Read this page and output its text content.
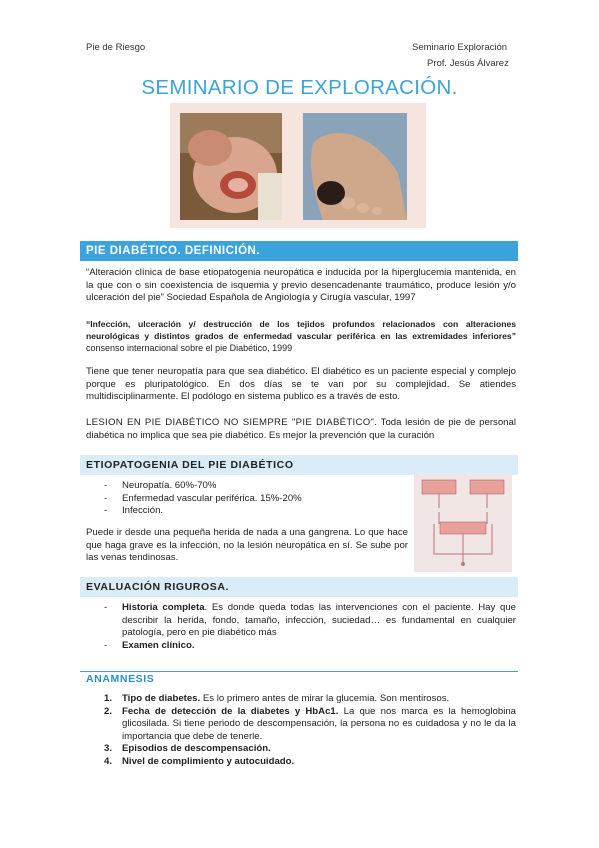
Pie de Riesgo	Seminario Exploración
Prof. Jesús Álvarez
SEMINARIO DE EXPLORACIÓN.
PIE DIABÉTICO. DEFINICIÓN.
“Alteración clínica de base etiopatogenia neuropática e inducida por la hiperglucemia mantenida, en la que con o sin coexistencia de isquemia y previo desencadenante traumático, produce lesión y/o ulceración del pie” Sociedad Española de Angiología y Cirugía vascular, 1997
“Infección, ulceración y/ destrucción de los tejidos profundos relacionados con alteraciones neurológicas y distintos grados de enfermedad vascular periférica en las extremidades inferiores” consenso internacional sobre el pie Diabético, 1999
Tiene que tener neuropatía para que sea diabético. El diabético es un paciente especial y complejo porque es pluripatológico. En dos días se te van por su complejidad. Se atiendes multidisciplinarmente. El podólogo en sistema publico es a través de esto.
LESION EN PIE DIABÉTICO NO SIEMPRE "PIE DIABÉTICO". Toda lesión de pie de personal diabética no implica que sea pie diabético. Es mejor la prevención que la curación
ETIOPATOGENIA DEL PIE DIABÉTICO
- Neuropatía. 60%-70%
- Enfermedad vascular periférica. 15%-20%
- Infección.
Puede ir desde una pequeña herida de nada a una gangrena. Lo que hace que haga grave es la infección, no la lesión neuropática en sí. Se sube por las venas tendinosas.
EVALUACIÓN RIGUROSA.
- Historia completa. Es donde queda todas las intervenciones con el paciente. Hay que describir la herida, fondo, tamaño, infección, suciedad… es fundamental en cualquier patología, pero en pie diabético más
- Examen clínico.
ANAMNESIS
1. Tipo de diabetes. Es lo primero antes de mirar la glucemia. Son mentirosos.
2. Fecha de detección de la diabetes y HbAc1. La que nos marca es la hemoglobina glicosilada. Si tiene periodo de descompensación, la persona no es cuidadosa y no le da la importancia que debe de tenerle.
3. Episodios de descompensación.
4. Nivel de complimiento y autocuidado.
